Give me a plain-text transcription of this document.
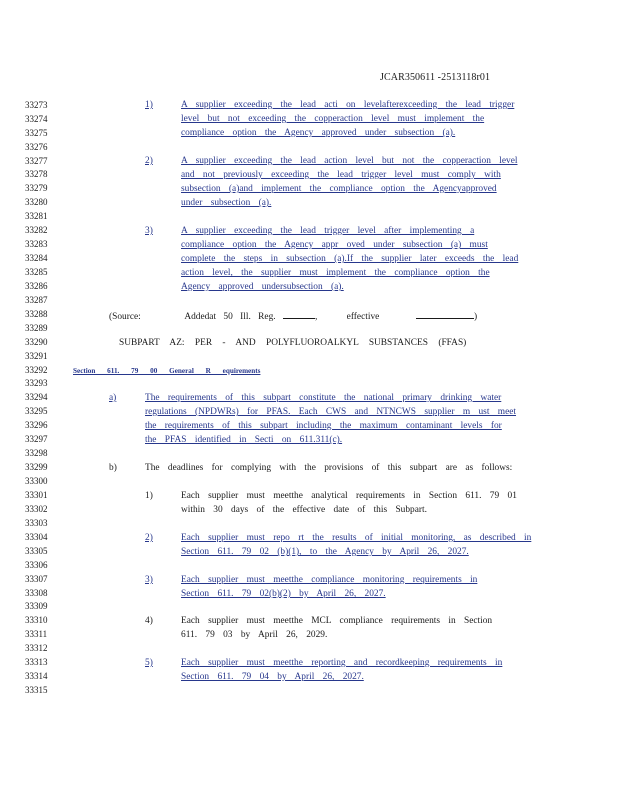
JCAR350611 -2513118r01
33273
33274
33275
33276
33277
33278
33279
33280
33281
33282
33283
33284
33285
33286
33287
33288
33289
33290
33291
33292
33293
33294
33295
33296
33297
33298
33299
33300
33301
33302
33303
33304
33305
33306
33307
33308
33309
33310
33311
33312
33313
33314
33315
1)	A supplier exceeding the lead acti on levelafterexceeding the lead trigger
level but not exceeding the copperaction level must implement the
compliance option the Agency approved under subsection (a).
2)	A supplier exceeding the lead action level but not the copperaction level
and not previously exceeding the lead trigger level must comply with
subsection (a)and implement the compliance option the Agencyapproved
under subsection (a).
3)	A supplier exceeding the lead trigger level after implementing a
compliance option the Agency appr oved under subsection (a) must
complete the steps in subsection (a).If the supplier later exceeds the lead
action level, the supplier must implement the compliance option the
Agency approved undersubsection (a).
(Source:	Addedat 50 Ill. Reg.	,    effective	)
SUBPART AZ: PER - AND POLYFLUOROALKYL SUBSTANCES (FFAS)
Section 611. 79 00 General R equirements
a)	The requirements of this subpart constitute the national primary drinking water
regulations (NPDWRs) for PFAS. Each CWS and NTNCWS supplier m ust meet
the requirements of this subpart including the maximum contaminant levels for
the PFAS identified in Secti on 611.311(c).
b)	The deadlines for complying with the provisions of this subpart are as follows:
1)	Each supplier must meetthe analytical requirements in Section 611. 79 01
within 30 days of the effective date of this Subpart.
2)	Each supplier must repo rt the results of initial monitoring, as described in
Section 611. 79 02 (b)(1), to the Agency by April 26, 2027.
3)	Each supplier must meetthe compliance monitoring requirements in
Section 611. 79 02(b)(2) by April 26, 2027.
4)	Each supplier must meetthe MCL compliance requirements in Section
611. 79 03 by April 26, 2029.
5)	Each supplier must meetthe reporting and recordkeeping requirements in
Section 611. 79 04 by April 26, 2027.
